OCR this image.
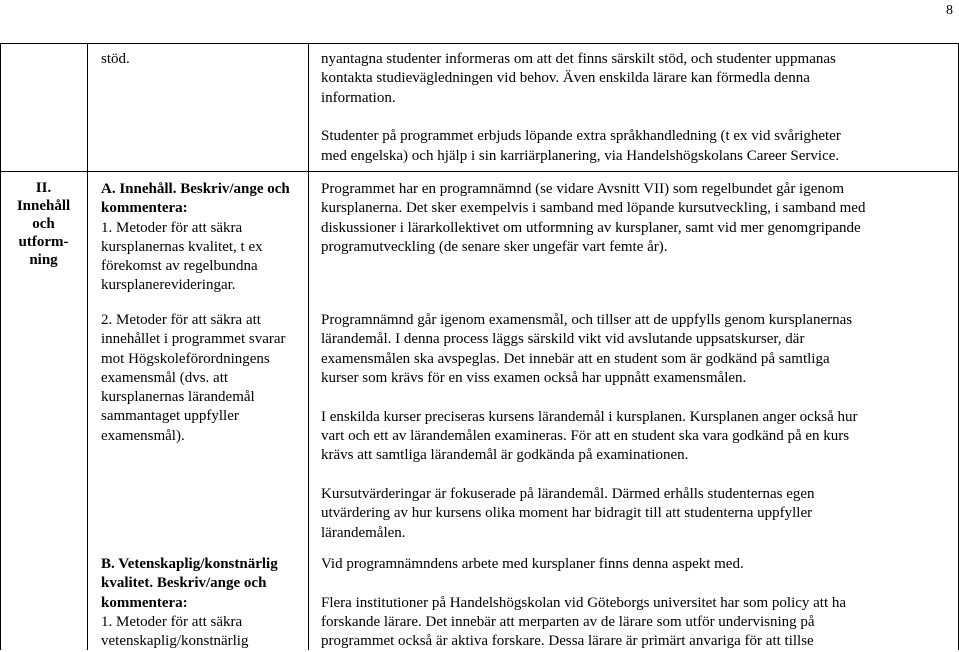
8

stöd.	nyantagna studenter informeras om att det finns särskilt stöd, och studenter uppmanas

kontakta studievägledningen vid behov. Även enskilda lärare kan förmedla denna

information.

Studenter på programmet erbjuds löpande extra språkhandledning (t ex vid svårigheter

med engelska) och hjälp i sin karriärplanering, via Handelshögskolans Career Service.

II.
Innehåll
och
utform-
ning

A. Innehåll. Beskriv/ange och

kommentera:

1. Metoder för att säkra

kursplanernas kvalitet, t ex

förekomst av regelbundna

kursplanerevideringar.

Programmet har en programnämnd (se vidare Avsnitt VII) som regelbundet går igenom

kursplanerna. Det sker exempelvis i samband med löpande kursutveckling, i samband med

diskussioner i lärarkollektivet om utformning av kursplaner, samt vid mer genomgripande

programutveckling (de senare sker ungefär vart femte år).

2. Metoder för att säkra att

innehållet i programmet svarar

mot Högskoleförordningens

examensmål (dvs. att

kursplanernas lärandemål

sammantaget uppfyller

examensmål).

Programnämnd går igenom examensmål, och tillser att de uppfylls genom kursplanernas

lärandemål. I denna process läggs särskild vikt vid avslutande uppsatskurser, där

examensmålen ska avspeglas. Det innebär att en student som är godkänd på samtliga

kurser som krävs för en viss examen också har uppnått examensmålen.

I enskilda kurser preciseras kursens lärandemål i kursplanen. Kursplanen anger också hur

vart och ett av lärandemålen examineras. För att en student ska vara godkänd på en kurs

krävs att samtliga lärandemål är godkända på examinationen.

Kursutvärderingar är fokuserade på lärandemål. Därmed erhålls studenternas egen

utvärdering av hur kursens olika moment har bidragit till att studenterna uppfyller

lärandemålen.

B. Vetenskaplig/konstnärlig

kvalitet. Beskriv/ange och

kommentera:

1. Metoder för att säkra

vetenskaplig/konstnärlig

Vid programnämndens arbete med kursplaner finns denna aspekt med.

Flera institutioner på Handelshögskolan vid Göteborgs universitet har som policy att ha

forskande lärare. Det innebär att merparten av de lärare som utför undervisning på

programmet också är aktiva forskare. Dessa lärare är primärt anvariga för att tillse
